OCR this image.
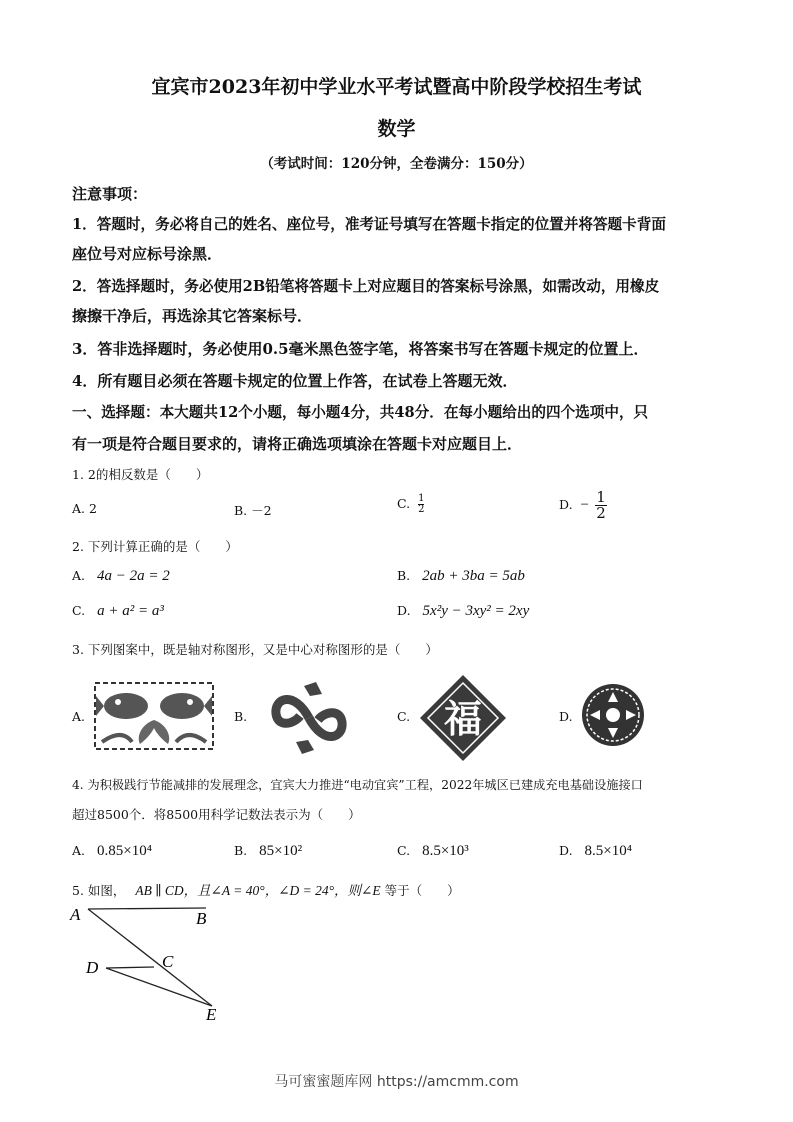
宜宾市2023年初中学业水平考试暨高中阶段学校招生考试
数学
（考试时间：120分钟，全卷满分：150分）
注意事项：
1．答题时，务必将自己的姓名、座位号，准考证号填写在答题卡指定的位置并将答题卡背面
座位号对应标号涂黑．
2．答选择题时，务必使用2B铅笔将答题卡上对应题目的答案标号涂黑，如需改动，用橡皮
擦擦干净后，再选涂其它答案标号．
3．答非选择题时，务必使用0.5毫米黑色签字笔，将答案书写在答题卡规定的位置上．
4．所有题目必须在答题卡规定的位置上作答，在试卷上答题无效．
一、选择题：本大题共12个小题，每小题4分，共48分．在每小题给出的四个选项中，只
有一项是符合题目要求的，请将正确选项填涂在答题卡对应题目上．
1. 2的相反数是（　　）
A. 2	B. －2	C. $\frac{1}{2}$	D. − $\frac{1}{2}$
2. 下列计算正确的是（　　）
A. 4a − 2a = 2	B. 2ab + 3ba = 5ab
C. a + a² = a³	D. 5x²y − 3xy² = 2xy
3. 下列图案中，既是轴对称图形，又是中心对称图形的是（　　）
A.	B.	C.	D.
福
4. 为积极践行节能减排的发展理念，宜宾大力推进“电动宜宾”工程，2022年城区已建成充电基础设施接口
超过8500个．将8500用科学记数法表示为（　　）
A. 0.85×10⁴	B. 85×10²	C. 8.5×10³	D. 8.5×10⁴
5. 如图， AB ∥ CD，且∠A = 40°，∠D = 24°，则∠E 等于（　　）
A	B
C
D
E
马可蜜蜜题库网 https://amcmm.com
